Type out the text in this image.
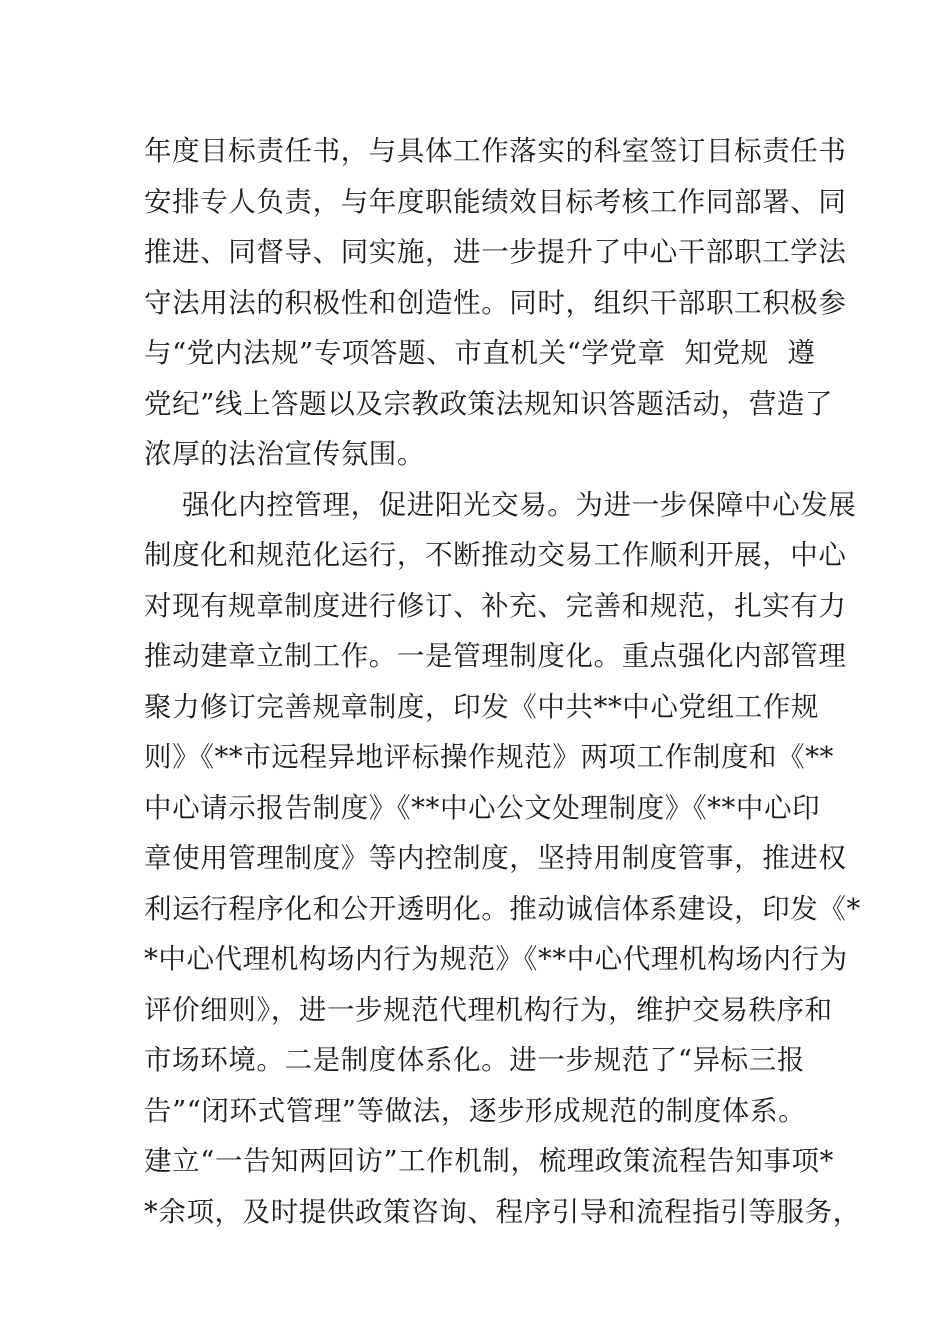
年度目标责任书，与具体工作落实的科室签订目标责任书
安排专人负责，与年度职能绩效目标考核工作同部署、同
推进、同督导、同实施，进一步提升了中心干部职工学法
守法用法的积极性和创造性。同时，组织干部职工积极参
与“党内法规”专项答题、市直机关“学党章  知党规  遵
党纪”线上答题以及宗教政策法规知识答题活动，营造了
浓厚的法治宣传氛围。
强化内控管理，促进阳光交易。为进一步保障中心发展
制度化和规范化运行，不断推动交易工作顺利开展，中心
对现有规章制度进行修订、补充、完善和规范，扎实有力
推动建章立制工作。一是管理制度化。重点强化内部管理
聚力修订完善规章制度，印发《中共**中心党组工作规
则》《**市远程异地评标操作规范》两项工作制度和《**
中心请示报告制度》《**中心公文处理制度》《**中心印
章使用管理制度》等内控制度，坚持用制度管事，推进权
利运行程序化和公开透明化。推动诚信体系建设，印发《*
*中心代理机构场内行为规范》《**中心代理机构场内行为
评价细则》，进一步规范代理机构行为，维护交易秩序和
市场环境。二是制度体系化。进一步规范了“异标三报
告”“闭环式管理”等做法，逐步形成规范的制度体系。
建立“一告知两回访”工作机制，梳理政策流程告知事项*
*余项，及时提供政策咨询、程序引导和流程指引等服务，
